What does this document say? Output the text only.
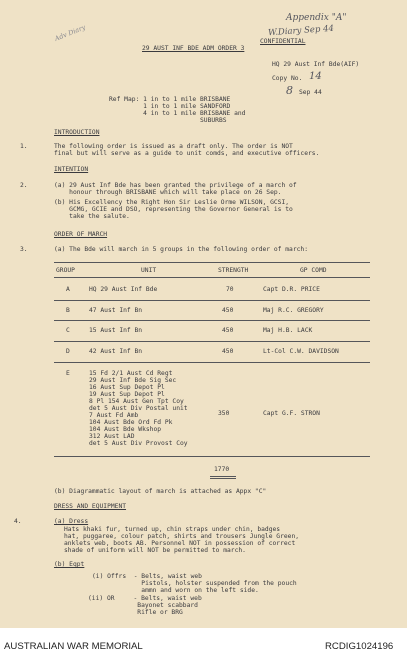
Appendix "A"
W.Diary Sep 44
Adv Diary
29 AUST INF BDE ADM ORDER 3
CONFIDENTIAL
HQ 29 Aust Inf Bde(AIF)
Copy No. 14
8 Sep 44
Ref Map: 1 in to 1 mile BRISBANE
1 in to 1 mile SANDFORD
4 in to 1 mile BRISBANE and
SUBURBS
INTRODUCTION
1.	The following order is issued as a draft only. The order is NOT
final but will serve as a guide to unit comds, and executive officers.
INTENTION
2.	(a) 29 Aust Inf Bde has been granted the privilege of a march of
honour through BRISBANE which will take place on 26 Sep.
(b) His Excellency the Right Hon Sir Leslie Orme WILSON, GCSI,
GCMG, GCIE and DSO, representing the Governor General is to
take the salute.
ORDER OF MARCH
3.	(a) The Bde will march in 5 groups in the following order of march:
GROUP	UNIT	STRENGTH	GP COMD
A	HQ 29 Aust Inf Bde	70	Capt D.R. PRICE
B	47 Aust Inf Bn	450	Maj R.C. GREGORY
C	15 Aust Inf Bn	450	Maj H.B. LACK
D	42 Aust Inf Bn	450	Lt-Col C.W. DAVIDSON
E	15 Fd 2/1 Aust Cd Regt
29 Aust Inf Bde Sig Sec
16 Aust Sup Depot Pl
19 Aust Sup Depot Pl
8 Pl 154 Aust Gen Tpt Coy
det 5 Aust Div Postal unit
7 Aust Fd Amb
104 Aust Bde Ord Fd Pk
104 Aust Bde Wkshop
312 Aust LAD
det 5 Aust Div Provost Coy
350	Capt G.F. STRON
1770
(b) Diagrammatic layout of march is attached as Appx "C"
DRESS AND EQUIPMENT
4.	(a) Dress
Hats khaki fur, turned up, chin straps under chin, badges
hat, puggaree, colour patch, shirts and trousers Jungle Green,
anklets web, boots AB. Personnel NOT in possession of correct
shade of uniform will NOT be permitted to march.
(b) Eqpt
(i) Offrs  - Belts, waist web
Pistols, holster suspended from the pouch
ammn and worn on the left side.
(ii) OR     - Belts, waist web
Bayonet scabbard
Rifle or BRG
AUSTRALIAN WAR MEMORIAL	RCDIG1024196
